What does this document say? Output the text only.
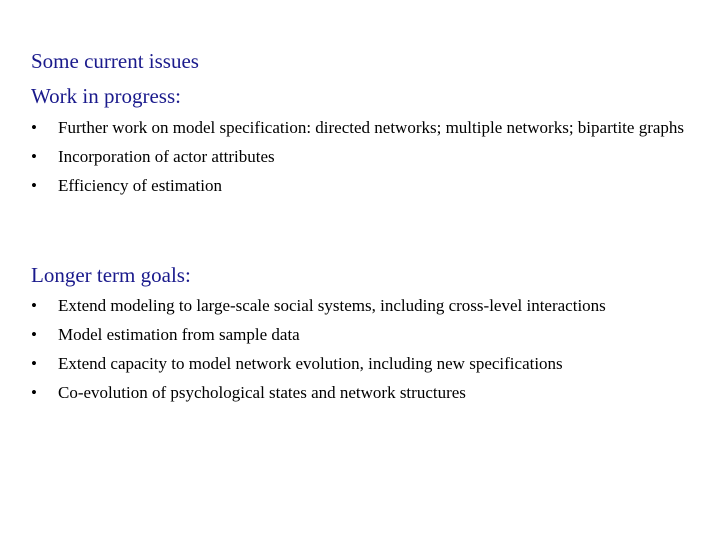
Some current issues
Work in progress:
• Further work on model specification: directed networks; multiple networks; bipartite graphs
• Incorporation of actor attributes
• Efficiency of estimation
Longer term goals:
• Extend modeling to large-scale social systems, including cross-level interactions
• Model estimation from sample data
• Extend capacity to model network evolution, including new specifications
• Co-evolution of psychological states and network structures
